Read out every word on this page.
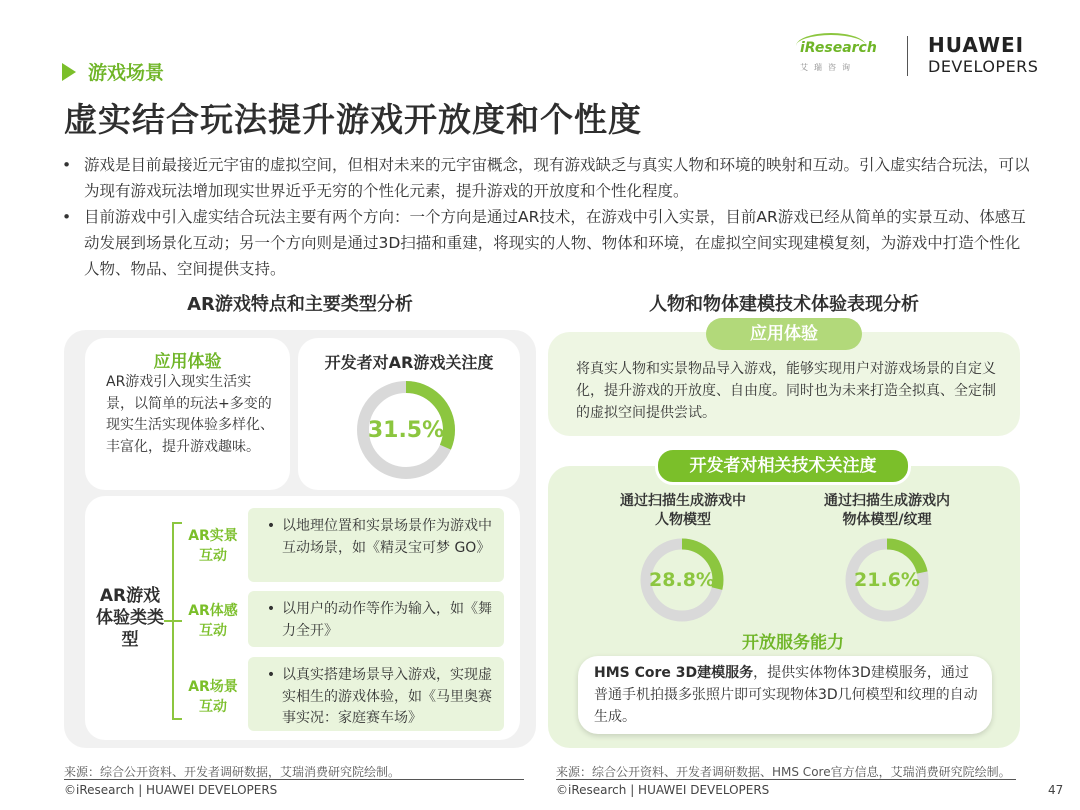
游戏场景
虚实结合玩法提升游戏开放度和个性度
iResearch
艾瑞咨询
HUAWEI
DEVELOPERS
• 游戏是目前最接近元宇宙的虚拟空间，但相对未来的元宇宙概念，现有游戏缺乏与真实人物和环境的映射和互动。引入虚实结合玩法，可以为现有游戏玩法增加现实世界近乎无穷的个性化元素，提升游戏的开放度和个性化程度。
• 目前游戏中引入虚实结合玩法主要有两个方向：一个方向是通过AR技术，在游戏中引入实景，目前AR游戏已经从简单的实景互动、体感互动发展到场景化互动；另一个方向则是通过3D扫描和重建，将现实的人物、物体和环境，在虚拟空间实现建模复刻，为游戏中打造个性化人物、物品、空间提供支持。
AR游戏特点和主要类型分析	人物和物体建模技术体验表现分析
应用体验
AR游戏引入现实生活实景，以简单的玩法+多变的现实生活实现体验多样化、丰富化，提升游戏趣味。
开发者对AR游戏关注度
31.5%
AR游戏体验类类型
AR实景互动
• 以地理位置和实景场景作为游戏中互动场景，如《精灵宝可梦 GO》
AR体感互动
• 以用户的动作等作为输入，如《舞力全开》
AR场景互动
• 以真实搭建场景导入游戏，实现虚实相生的游戏体验，如《马里奥赛事实况：家庭赛车场》
应用体验
将真实人物和实景物品导入游戏，能够实现用户对游戏场景的自定义化，提升游戏的开放度、自由度。同时也为未来打造全拟真、全定制的虚拟空间提供尝试。
开发者对相关技术关注度
通过扫描生成游戏中
人物模型
28.8%
通过扫描生成游戏内
物体模型/纹理
21.6%
开放服务能力
HMS Core 3D建模服务，提供实体物体3D建模服务，通过普通手机拍摄多张照片即可实现物体3D几何模型和纹理的自动生成。
来源：综合公开资料、开发者调研数据，艾瑞消费研究院绘制。
©iResearch | HUAWEI DEVELOPERS
来源：综合公开资料、开发者调研数据、HMS Core官方信息，艾瑞消费研究院绘制。
©iResearch | HUAWEI DEVELOPERS	47
